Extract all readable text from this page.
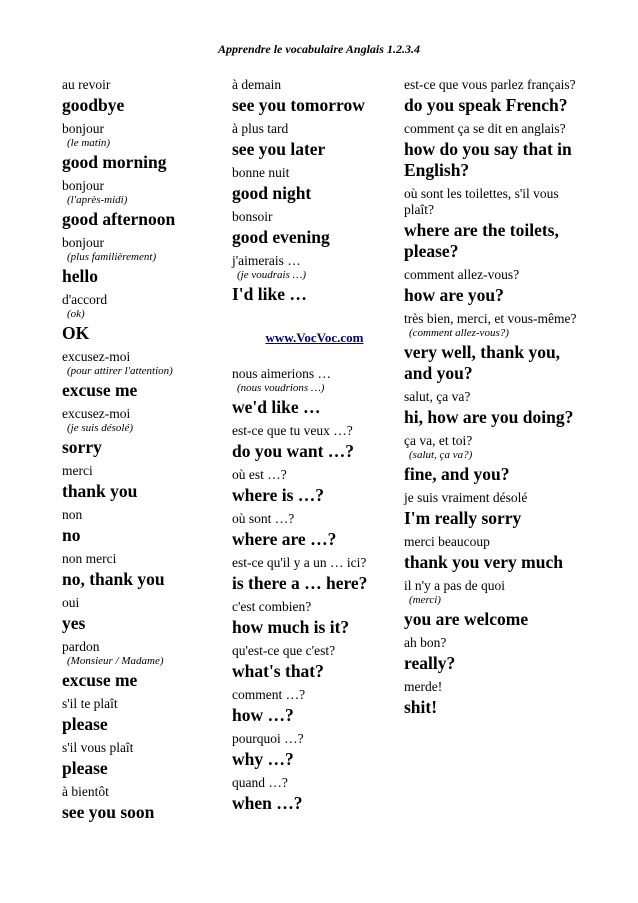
Apprendre le vocabulaire Anglais 1.2.3.4

au revoir

goodbye

bonjour

(le matin)

good morning

bonjour

(l'après-midi)

good afternoon

bonjour

(plus familièrement)

hello

d'accord

(ok)

OK

excusez-moi

(pour attirer l'attention)

excuse me

excusez-moi

(je suis désolé)

sorry

merci

thank you

non

no

non merci

no, thank you

oui

yes

pardon

(Monsieur / Madame)

excuse me

s'il te plaît

please

s'il vous plaît

please

à bientôt

see you soon

à demain

see you tomorrow

à plus tard

see you later

bonne nuit

good night

bonsoir

good evening

j'aimerais …

(je voudrais …)

I'd like …

www.VocVoc.com

nous aimerions …

(nous voudrions …)

we'd like …

est-ce que tu veux …?

do you want …?

où est …?

where is …?

où sont …?

where are …?

est-ce qu'il y a un … ici?

is there a … here?

c'est combien?

how much is it?

qu'est-ce que c'est?

what's that?

comment …?

how …?

pourquoi …?

why …?

quand …?

when …?

est-ce que vous parlez français?

do you speak French?

comment ça se dit en anglais?

how do you say that in English?

où sont les toilettes, s'il vous plaît?

where are the toilets, please?

comment allez-vous?

how are you?

très bien, merci, et vous-même?

(comment allez-vous?)

very well, thank you, and you?

salut, ça va?

hi, how are you doing?

ça va, et toi?

(salut, ça va?)

fine, and you?

je suis vraiment désolé

I'm really sorry

merci beaucoup

thank you very much

il n'y a pas de quoi

(merci)

you are welcome

ah bon?

really?

merde!

shit!
